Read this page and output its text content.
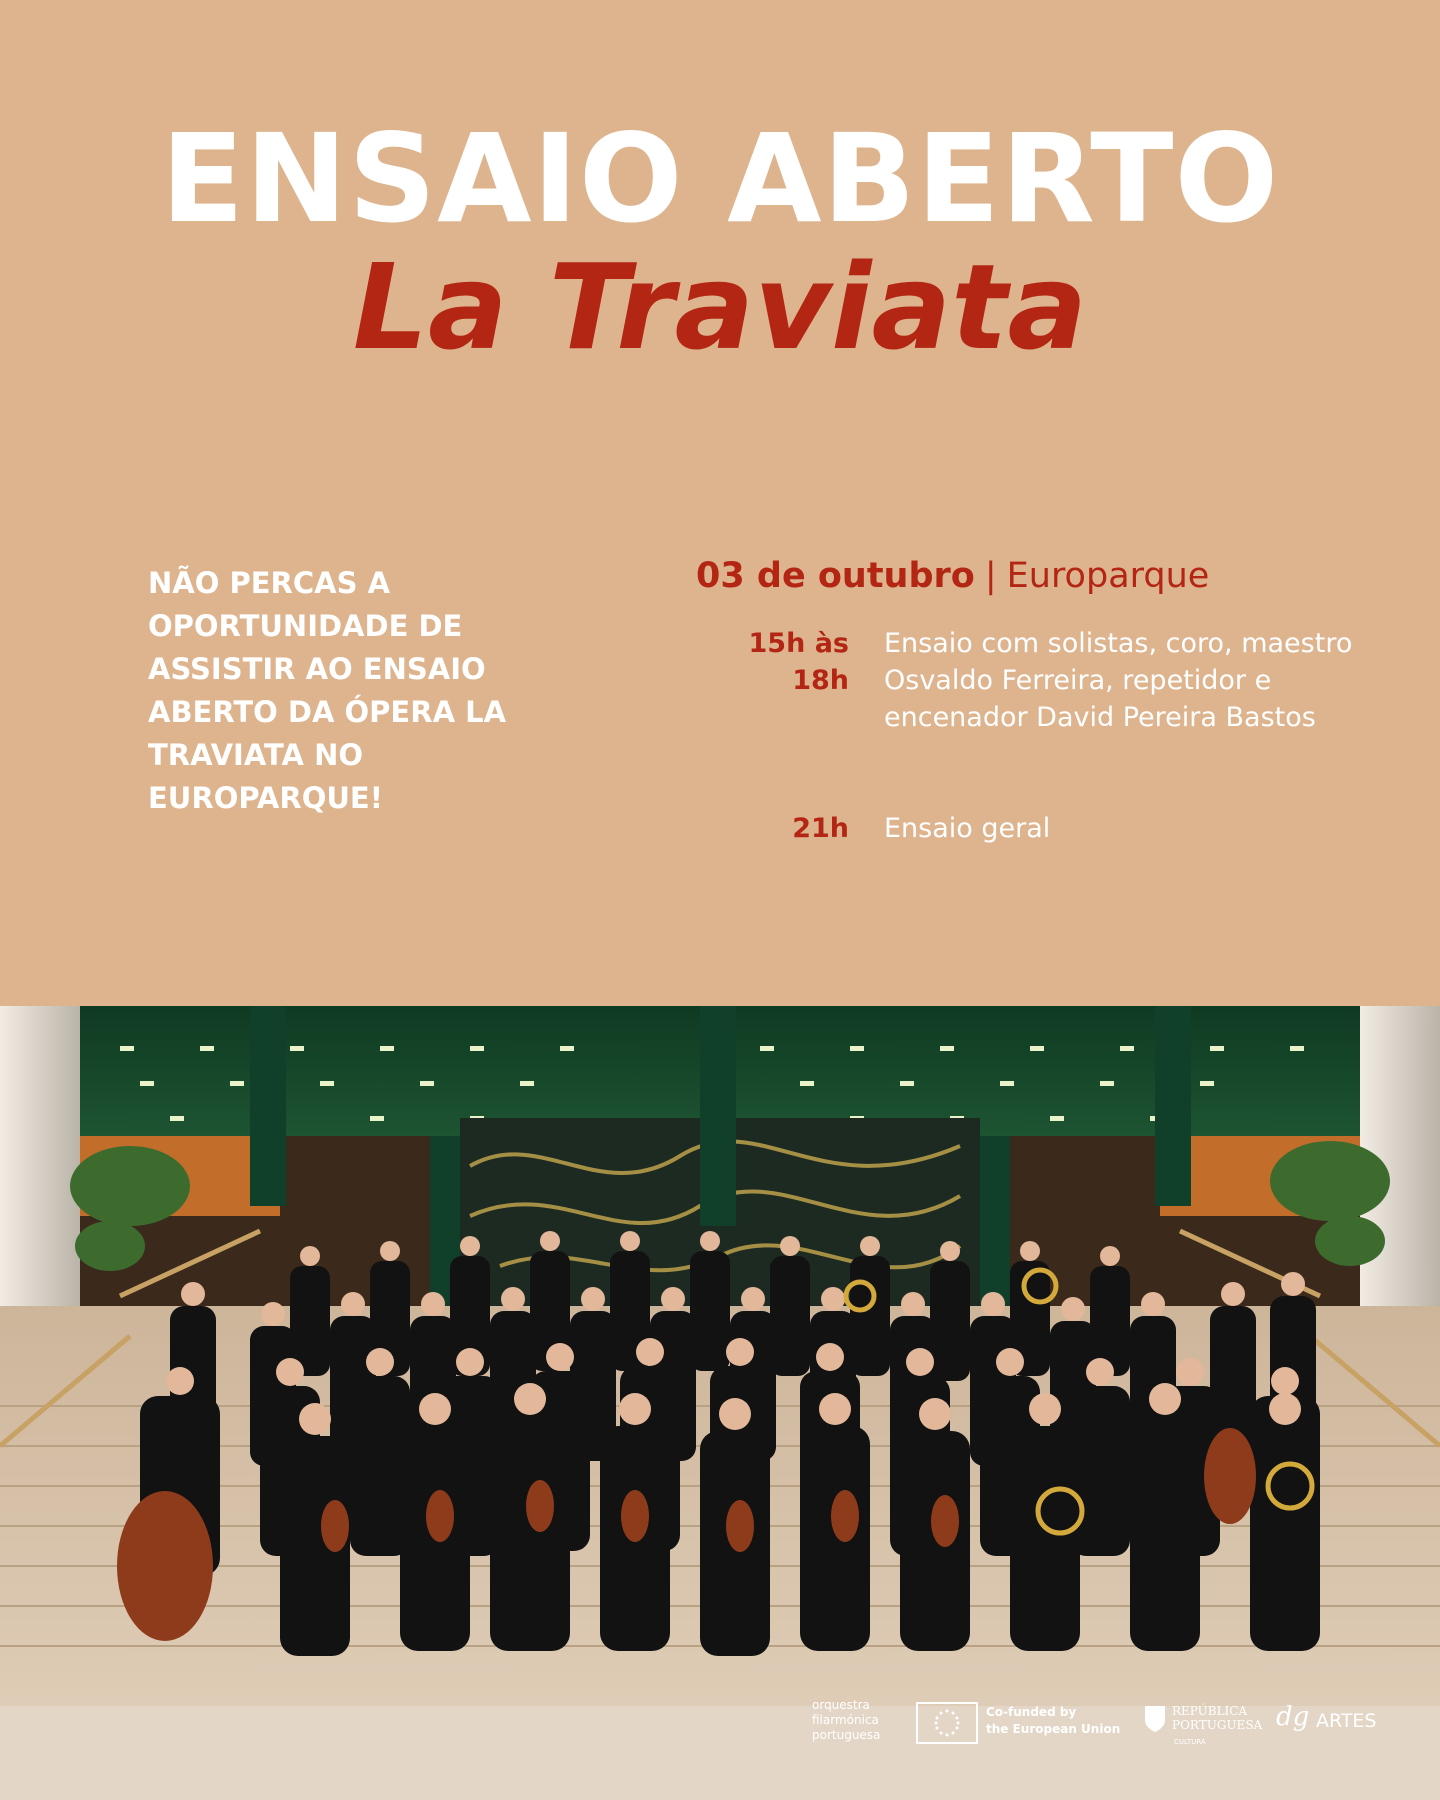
ENSAIO ABERTO
La Traviata
NÃO PERCAS A
OPORTUNIDADE DE
ASSISTIR AO ENSAIO
ABERTO DA ÓPERA LA
TRAVIATA NO
EUROPARQUE!
03 de outubro | Europarque
15h às 18h
Ensaio com solistas, coro, maestro Osvaldo Ferreira, repetidor e encenador David Pereira Bastos
21h Ensaio geral
orquestra
filarmónica
portuguesa
Co-funded by
the European Union
REPÚBLICA
PORTUGUESA
CULTURA
dg ARTES
